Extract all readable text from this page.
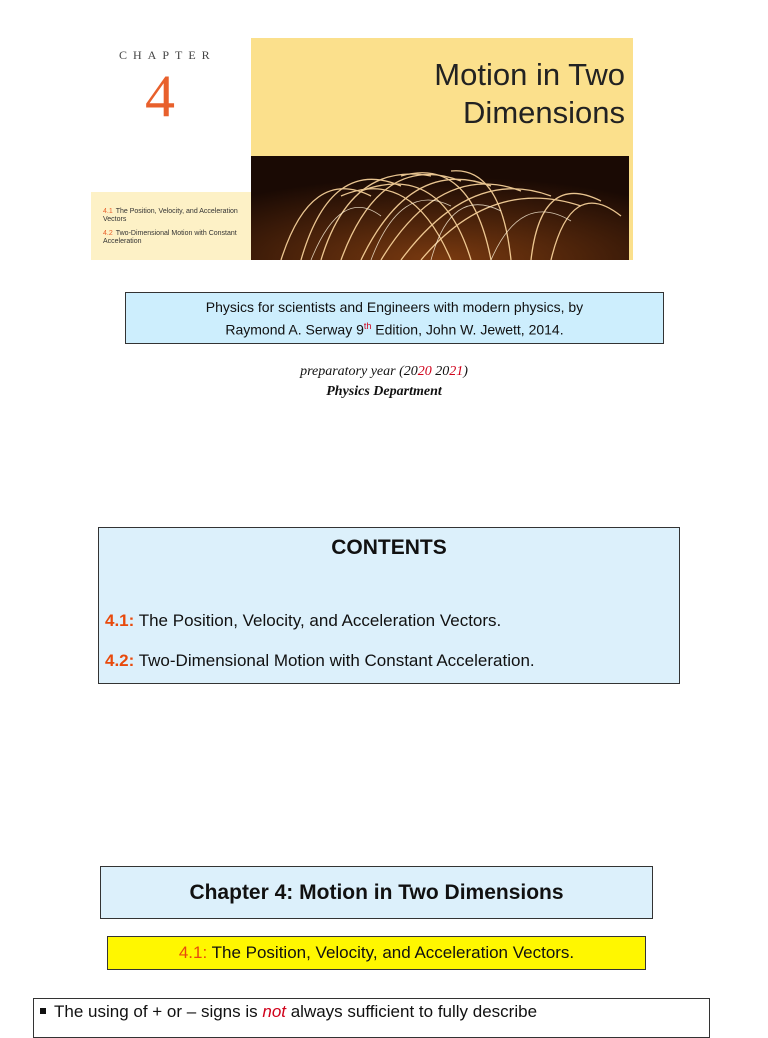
CHAPTER
4
4.1 The Position, Velocity, and Acceleration Vectors
4.2 Two-Dimensional Motion with Constant Acceleration
Motion in Two
Dimensions
Physics for scientists and Engineers with modern physics, by
Raymond A. Serway 9th Edition, John W. Jewett, 2014.
preparatory year (2020 2021)
Physics Department
CONTENTS
4.1: The Position, Velocity, and Acceleration Vectors.
4.2: Two-Dimensional Motion with Constant Acceleration.
Chapter 4: Motion in Two Dimensions
4.1: The Position, Velocity, and Acceleration Vectors.
The using of + or – signs is not always sufficient to fully describe
